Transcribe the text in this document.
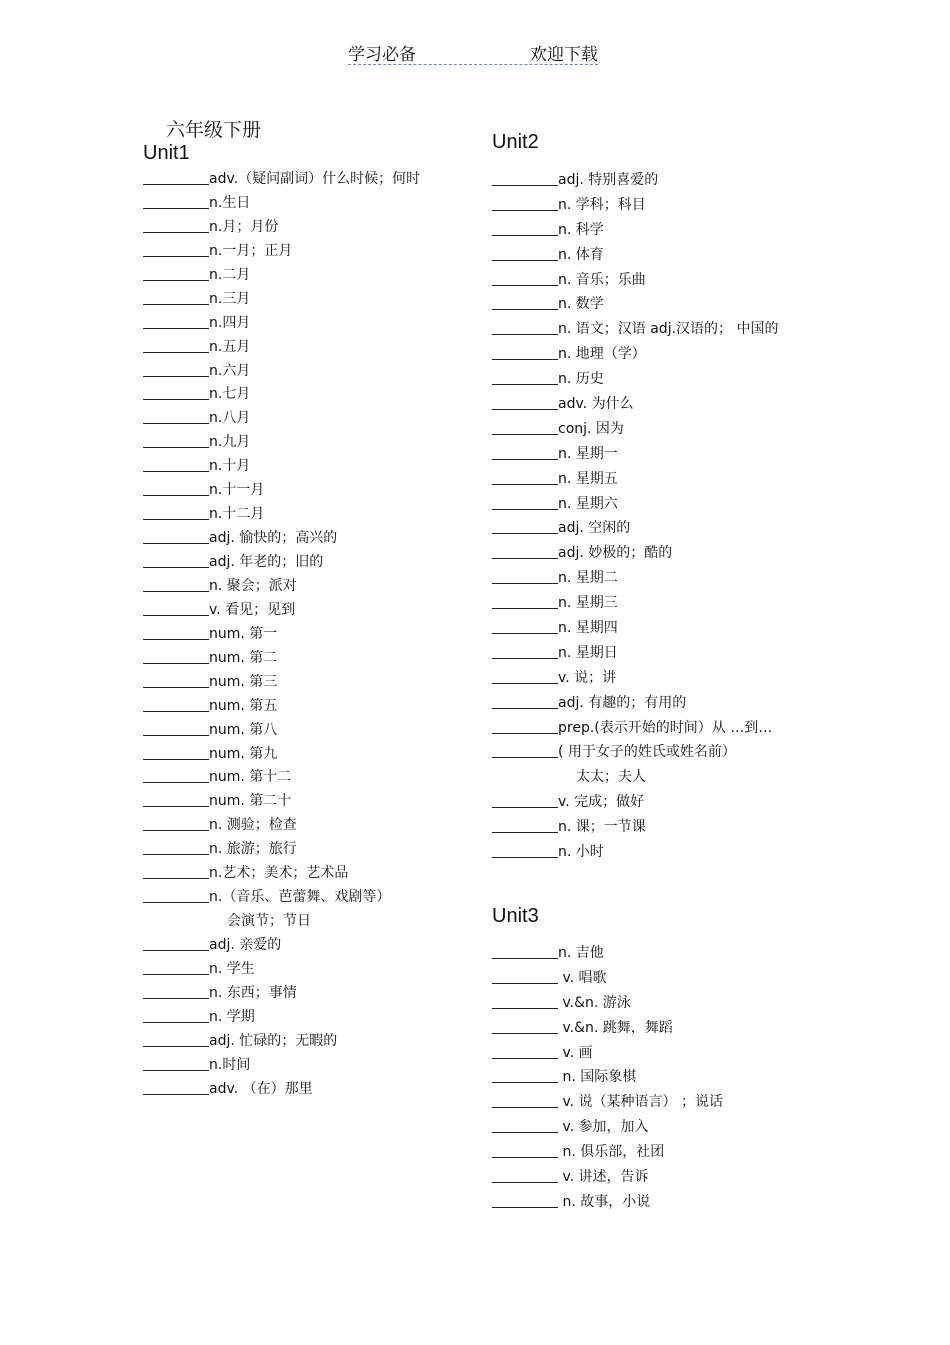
学习必备	欢迎下载
六年级下册
Unit1
adv.（疑问副词）什么时候；何时
n.生日
n.月；月份
n.一月；正月
n.二月
n.三月
n.四月
n.五月
n.六月
n.七月
n.八月
n.九月
n.十月
n.十一月
n.十二月
adj. 愉快的；高兴的
adj. 年老的；旧的
n. 聚会；派对
v. 看见；见到
num. 第一
num. 第二
num. 第三
num. 第五
num. 第八
num. 第九
num. 第十二
num. 第二十
n. 测验；检查
n. 旅游；旅行
n.艺术；美术；艺术品
n.（音乐、芭蕾舞、戏剧等）
会演节；节日
adj. 亲爱的
n. 学生
n. 东西；事情
n. 学期
adj. 忙碌的；无暇的
n.时间
adv. （在）那里
Unit2
adj. 特别喜爱的
n. 学科；科目
n. 科学
n. 体育
n. 音乐；乐曲
n. 数学
n. 语文；汉语 adj.汉语的； 中国的
n. 地理（学）
n. 历史
adv. 为什么
conj. 因为
n. 星期一
n. 星期五
n. 星期六
adj. 空闲的
adj. 妙极的；酷的
n. 星期二
n. 星期三
n. 星期四
n. 星期日
v. 说；讲
adj. 有趣的；有用的
prep.(表示开始的时间）从 …到…
( 用于女子的姓氏或姓名前）
太太；夫人
v. 完成；做好
n. 课；一节课
n. 小时
Unit3
n. 吉他
v. 唱歌
v.&n. 游泳
v.&n. 跳舞，舞蹈
v. 画
n. 国际象棋
v. 说（某种语言） ；说话
v. 参加，加入
n. 俱乐部，社团
v. 讲述，告诉
n. 故事，小说
